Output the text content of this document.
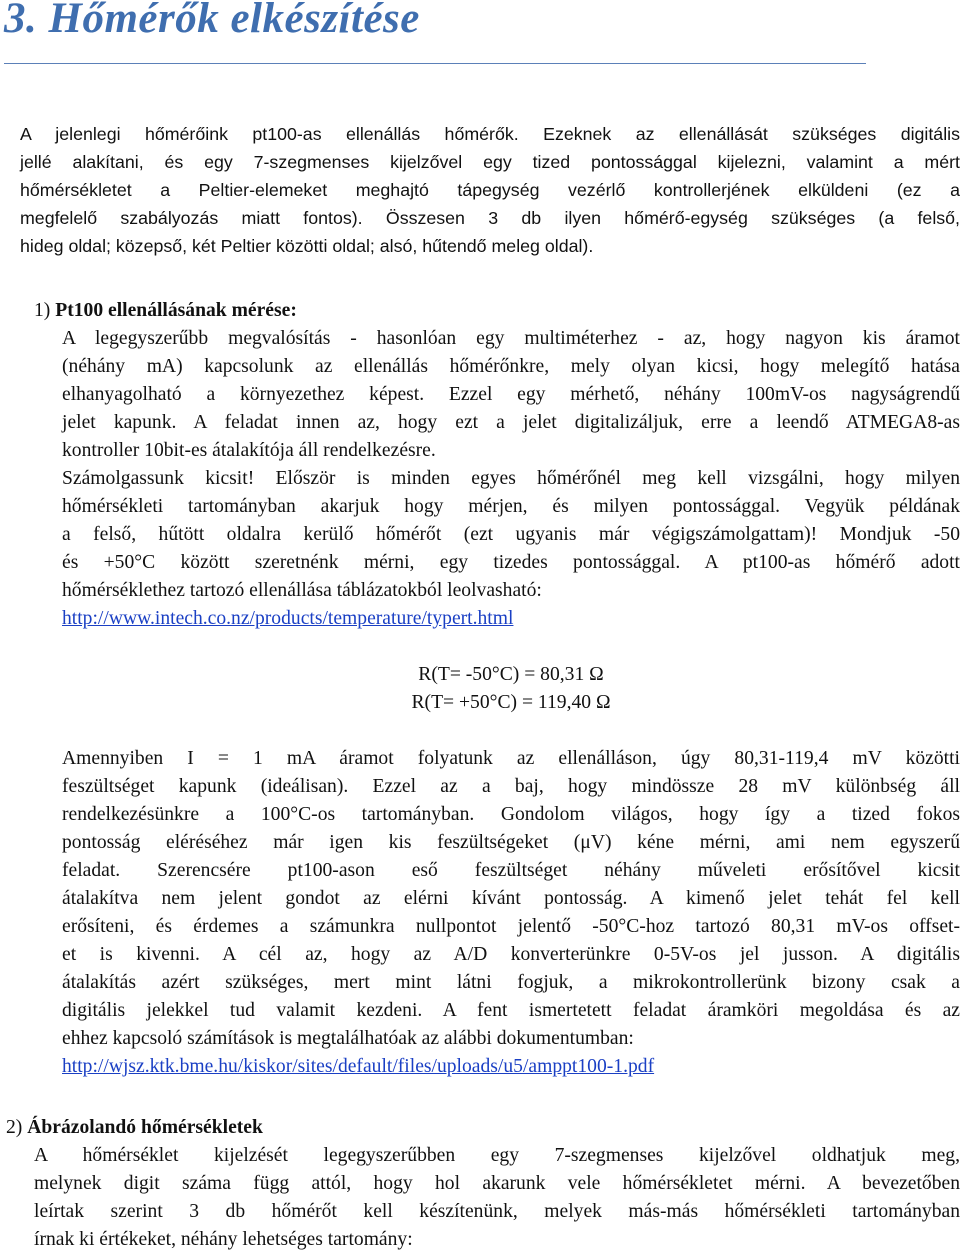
3. Hőmérők elkészítése
A jelenlegi hőmérőink pt100-as ellenállás hőmérők. Ezeknek az ellenállását szükséges digitális
jellé alakítani, és egy 7-szegmenses kijelzővel egy tized pontossággal kijelezni, valamint a mért
hőmérsékletet a Peltier-elemeket meghajtó tápegység vezérlő kontrollerjének elküldeni (ez a
megfelelő szabályozás miatt fontos). Összesen 3 db ilyen hőmérő-egység szükséges (a felső,
hideg oldal; közepső, két Peltier közötti oldal; alsó, hűtendő meleg oldal).
1) Pt100 ellenállásának mérése:
A legegyszerűbb megvalósítás - hasonlóan egy multiméterhez - az, hogy nagyon kis áramot
(néhány mA) kapcsolunk az ellenállás hőmérőnkre, mely olyan kicsi, hogy melegítő hatása
elhanyagolható a környezethez képest. Ezzel egy mérhető, néhány 100mV-os nagyságrendű
jelet kapunk. A feladat innen az, hogy ezt a jelet digitalizáljuk, erre a leendő ATMEGA8-as
kontroller 10bit-es átalakítója áll rendelkezésre.
Számolgassunk kicsit! Először is minden egyes hőmérőnél meg kell vizsgálni, hogy milyen
hőmérsékleti tartományban akarjuk hogy mérjen, és milyen pontossággal. Vegyük példának
a felső, hűtött oldalra kerülő hőmérőt (ezt ugyanis már végigszámolgattam)! Mondjuk -50
és +50°C között szeretnénk mérni, egy tizedes pontossággal. A pt100-as hőmérő adott
hőmérséklethez tartozó ellenállása táblázatokból leolvasható:
http://www.intech.co.nz/products/temperature/typert.html
R(T= -50°C) = 80,31 Ω
R(T= +50°C) = 119,40 Ω
Amennyiben I = 1 mA áramot folyatunk az ellenálláson, úgy 80,31-119,4 mV közötti
feszültséget kapunk (ideálisan). Ezzel az a baj, hogy mindössze 28 mV különbség áll
rendelkezésünkre a 100°C-os tartományban. Gondolom világos, hogy így a tized fokos
pontosság eléréséhez már igen kis feszültségeket (μV) kéne mérni, ami nem egyszerű
feladat. Szerencsére pt100-ason eső feszültséget néhány műveleti erősítővel kicsit
átalakítva nem jelent gondot az elérni kívánt pontosság. A kimenő jelet tehát fel kell
erősíteni, és érdemes a számunkra nullpontot jelentő -50°C-hoz tartozó 80,31 mV-os offset-
et is kivenni. A cél az, hogy az A/D konverterünkre 0-5V-os jel jusson. A digitális
átalakítás azért szükséges, mert mint látni fogjuk, a mikrokontrollerünk bizony csak a
digitális jelekkel tud valamit kezdeni. A fent ismertetett feladat áramköri megoldása és az
ehhez kapcsoló számítások is megtalálhatóak az alábbi dokumentumban:
http://wjsz.ktk.bme.hu/kiskor/sites/default/files/uploads/u5/amppt100-1.pdf
2) Ábrázolandó hőmérsékletek
A hőmérséklet kijelzését legegyszerűbben egy 7-szegmenses kijelzővel oldhatjuk meg,
melynek digit száma függ attól, hogy hol akarunk vele hőmérsékletet mérni. A bevezetőben
leírtak szerint 3 db hőmérőt kell készítenünk, melyek más-más hőmérsékleti tartományban
írnak ki értékeket, néhány lehetséges tartomány:
